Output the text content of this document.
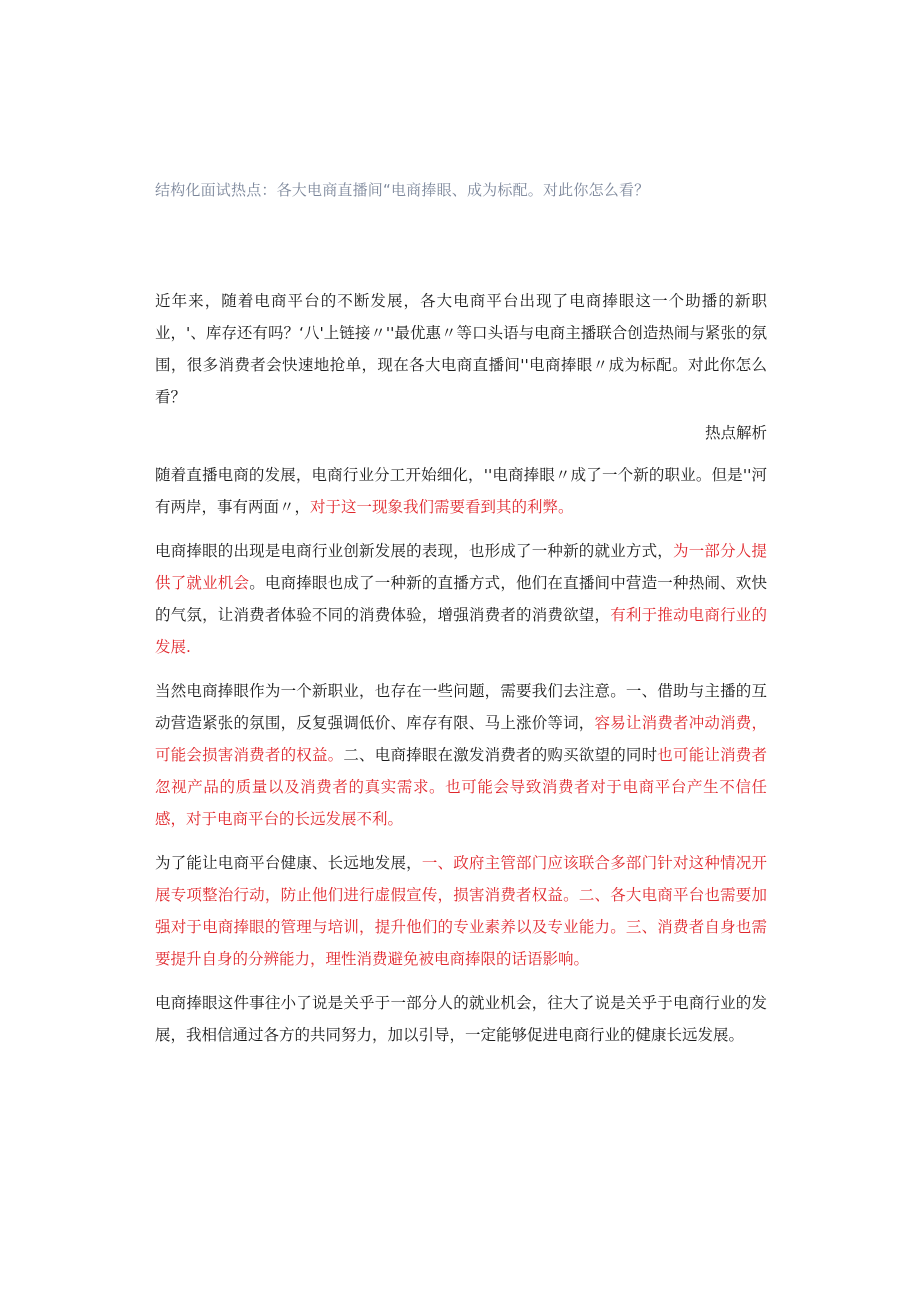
结构化面试热点：各大电商直播间“电商捧眼、成为标配。对此你怎么看？

近年来，随着电商平台的不断发展，各大电商平台出现了电商捧眼这一个助播的新职业，'、库存还有吗？‘八'上链接〃''最优惠〃等口头语与电商主播联合创造热闹与紧张的氛围，很多消费者会快速地抢单，现在各大电商直播间''电商捧眼〃成为标配。对此你怎么看？

热点解析

随着直播电商的发展，电商行业分工开始细化，''电商捧眼〃成了一个新的职业。但是''河有两岸，事有两面〃，对于这一现象我们需要看到其的利弊。

电商捧眼的出现是电商行业创新发展的表现，也形成了一种新的就业方式，为一部分人提供了就业机会。电商捧眼也成了一种新的直播方式，他们在直播间中营造一种热闹、欢快的气氛，让消费者体验不同的消费体验，增强消费者的消费欲望，有利于推动电商行业的发展.

当然电商捧眼作为一个新职业，也存在一些问题，需要我们去注意。一、借助与主播的互动营造紧张的氛围，反复强调低价、库存有限、马上涨价等词，容易让消费者冲动消费，可能会损害消费者的权益。二、电商捧眼在激发消费者的购买欲望的同时也可能让消费者忽视产品的质量以及消费者的真实需求。也可能会导致消费者对于电商平台产生不信任感，对于电商平台的长远发展不利。

为了能让电商平台健康、长远地发展，一、政府主管部门应该联合多部门针对这种情况开展专项整治行动，防止他们进行虚假宣传，损害消费者权益。二、各大电商平台也需要加强对于电商捧眼的管理与培训，提升他们的专业素养以及专业能力。三、消费者自身也需要提升自身的分辨能力，理性消费避免被电商捧限的话语影响。

电商捧眼这件事往小了说是关乎于一部分人的就业机会，往大了说是关乎于电商行业的发展，我相信通过各方的共同努力，加以引导，一定能够促进电商行业的健康长远发展。
